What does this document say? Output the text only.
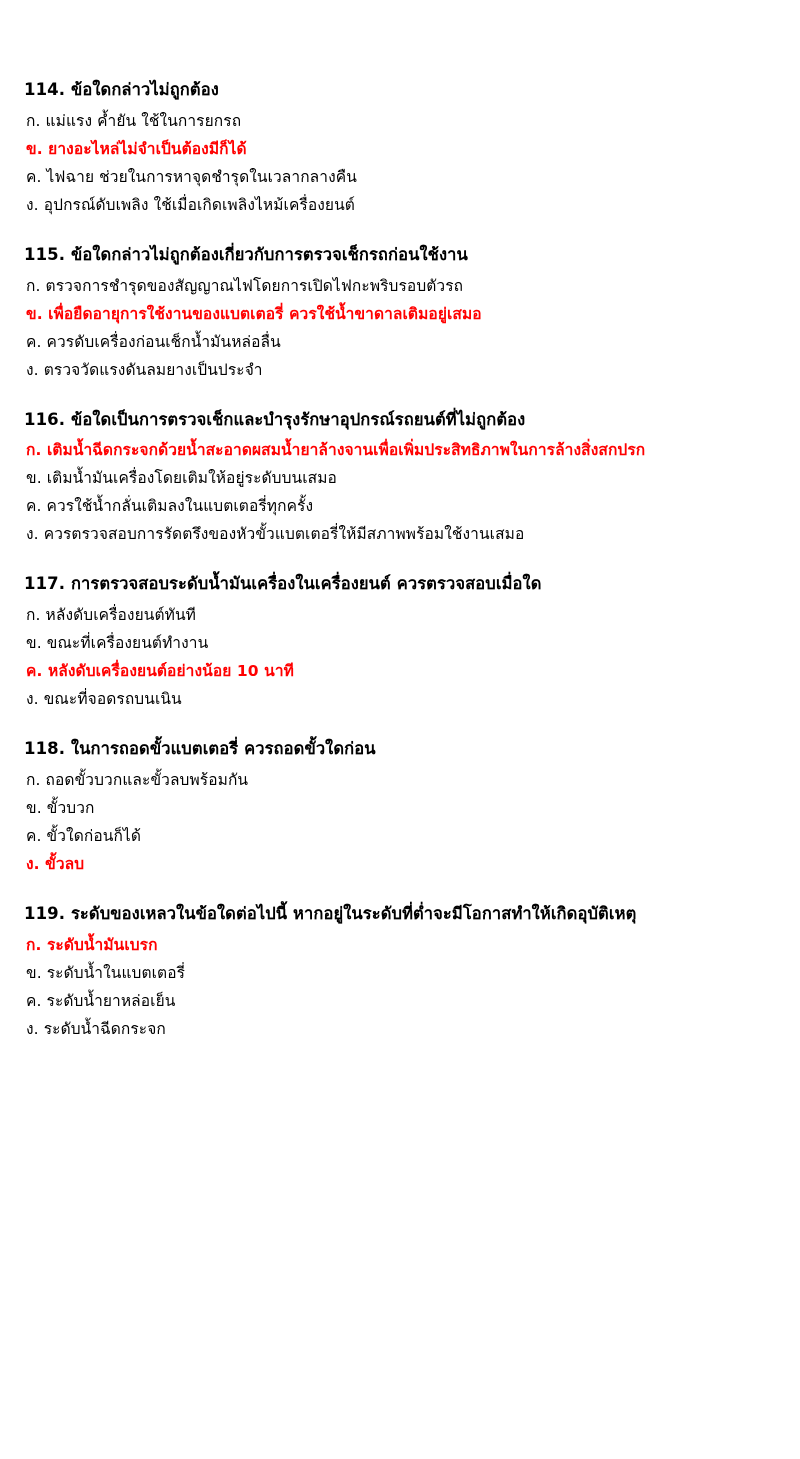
114. ข้อใดกล่าวไม่ถูกต้อง

ก. แม่แรง ค้ำยัน ใช้ในการยกรถ

ข. ยางอะไหล่ไม่จำเป็นต้องมีก็ได้

ค. ไฟฉาย ช่วยในการหาจุดชำรุดในเวลากลางคืน

ง. อุปกรณ์ดับเพลิง ใช้เมื่อเกิดเพลิงไหม้เครื่องยนต์

115. ข้อใดกล่าวไม่ถูกต้องเกี่ยวกับการตรวจเช็กรถก่อนใช้งาน

ก. ตรวจการชำรุดของสัญญาณไฟโดยการเปิดไฟกะพริบรอบตัวรถ

ข. เพื่อยืดอายุการใช้งานของแบตเตอรี่ ควรใช้น้ำขาดาลเติมอยู่เสมอ

ค. ควรดับเครื่องก่อนเช็กน้ำมันหล่อลื่น

ง. ตรวจวัดแรงดันลมยางเป็นประจำ

116. ข้อใดเป็นการตรวจเช็กและบำรุงรักษาอุปกรณ์รถยนต์ที่ไม่ถูกต้อง

ก. เติมน้ำฉีดกระจกด้วยน้ำสะอาดผสมน้ำยาล้างจานเพื่อเพิ่มประสิทธิภาพในการล้างสิ่งสกปรก

ข. เติมน้ำมันเครื่องโดยเติมให้อยู่ระดับบนเสมอ

ค. ควรใช้น้ำกลั่นเติมลงในแบตเตอรี่ทุกครั้ง

ง. ควรตรวจสอบการรัดตรึงของหัวขั้วแบตเตอรี่ให้มีสภาพพร้อมใช้งานเสมอ

117. การตรวจสอบระดับน้ำมันเครื่องในเครื่องยนต์ ควรตรวจสอบเมื่อใด

ก. หลังดับเครื่องยนต์ทันที

ข. ขณะที่เครื่องยนต์ทำงาน

ค. หลังดับเครื่องยนต์อย่างน้อย 10 นาที

ง. ขณะที่จอดรถบนเนิน

118. ในการถอดขั้วแบตเตอรี่ ควรถอดขั้วใดก่อน

ก. ถอดขั้วบวกและขั้วลบพร้อมกัน

ข. ขั้วบวก

ค. ขั้วใดก่อนก็ได้

ง. ขั้วลบ

119. ระดับของเหลวในข้อใดต่อไปนี้ หากอยู่ในระดับที่ต่ำจะมีโอกาสทำให้เกิดอุบัติเหตุ

ก. ระดับน้ำมันเบรก

ข. ระดับน้ำในแบตเตอรี่

ค. ระดับน้ำยาหล่อเย็น

ง. ระดับน้ำฉีดกระจก
